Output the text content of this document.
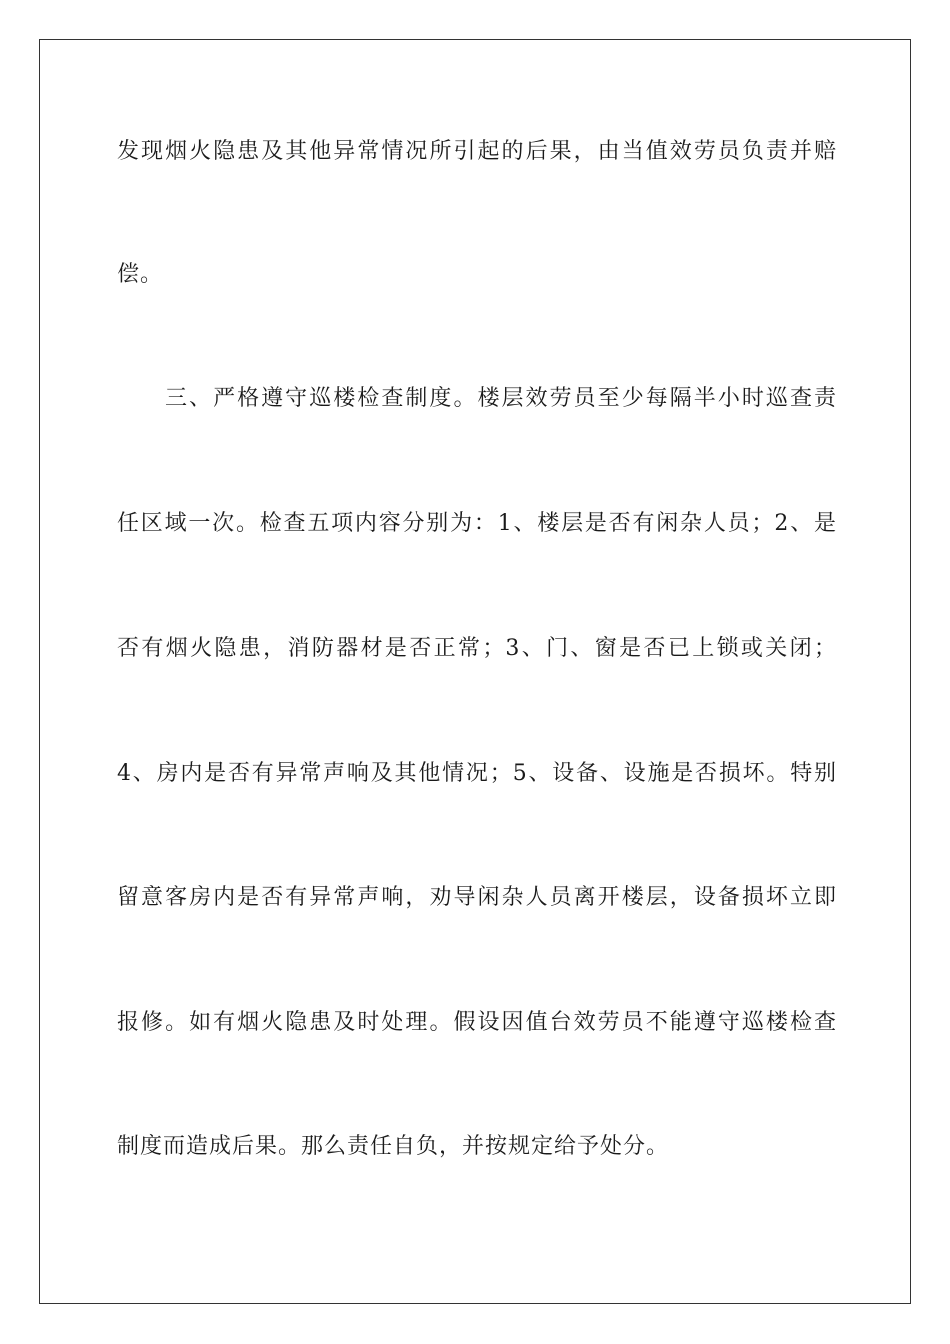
发现烟火隐患及其他异常情况所引起的后果，由当值效劳员负责并赔
偿。
三、严格遵守巡楼检查制度。楼层效劳员至少每隔半小时巡查责
任区域一次。检查五项内容分别为：1、楼层是否有闲杂人员；2、是
否有烟火隐患，消防器材是否正常；3、门、窗是否已上锁或关闭；
4、房内是否有异常声响及其他情况；5、设备、设施是否损坏。特别
留意客房内是否有异常声响，劝导闲杂人员离开楼层，设备损坏立即
报修。如有烟火隐患及时处理。假设因值台效劳员不能遵守巡楼检查
制度而造成后果。那么责任自负，并按规定给予处分。
